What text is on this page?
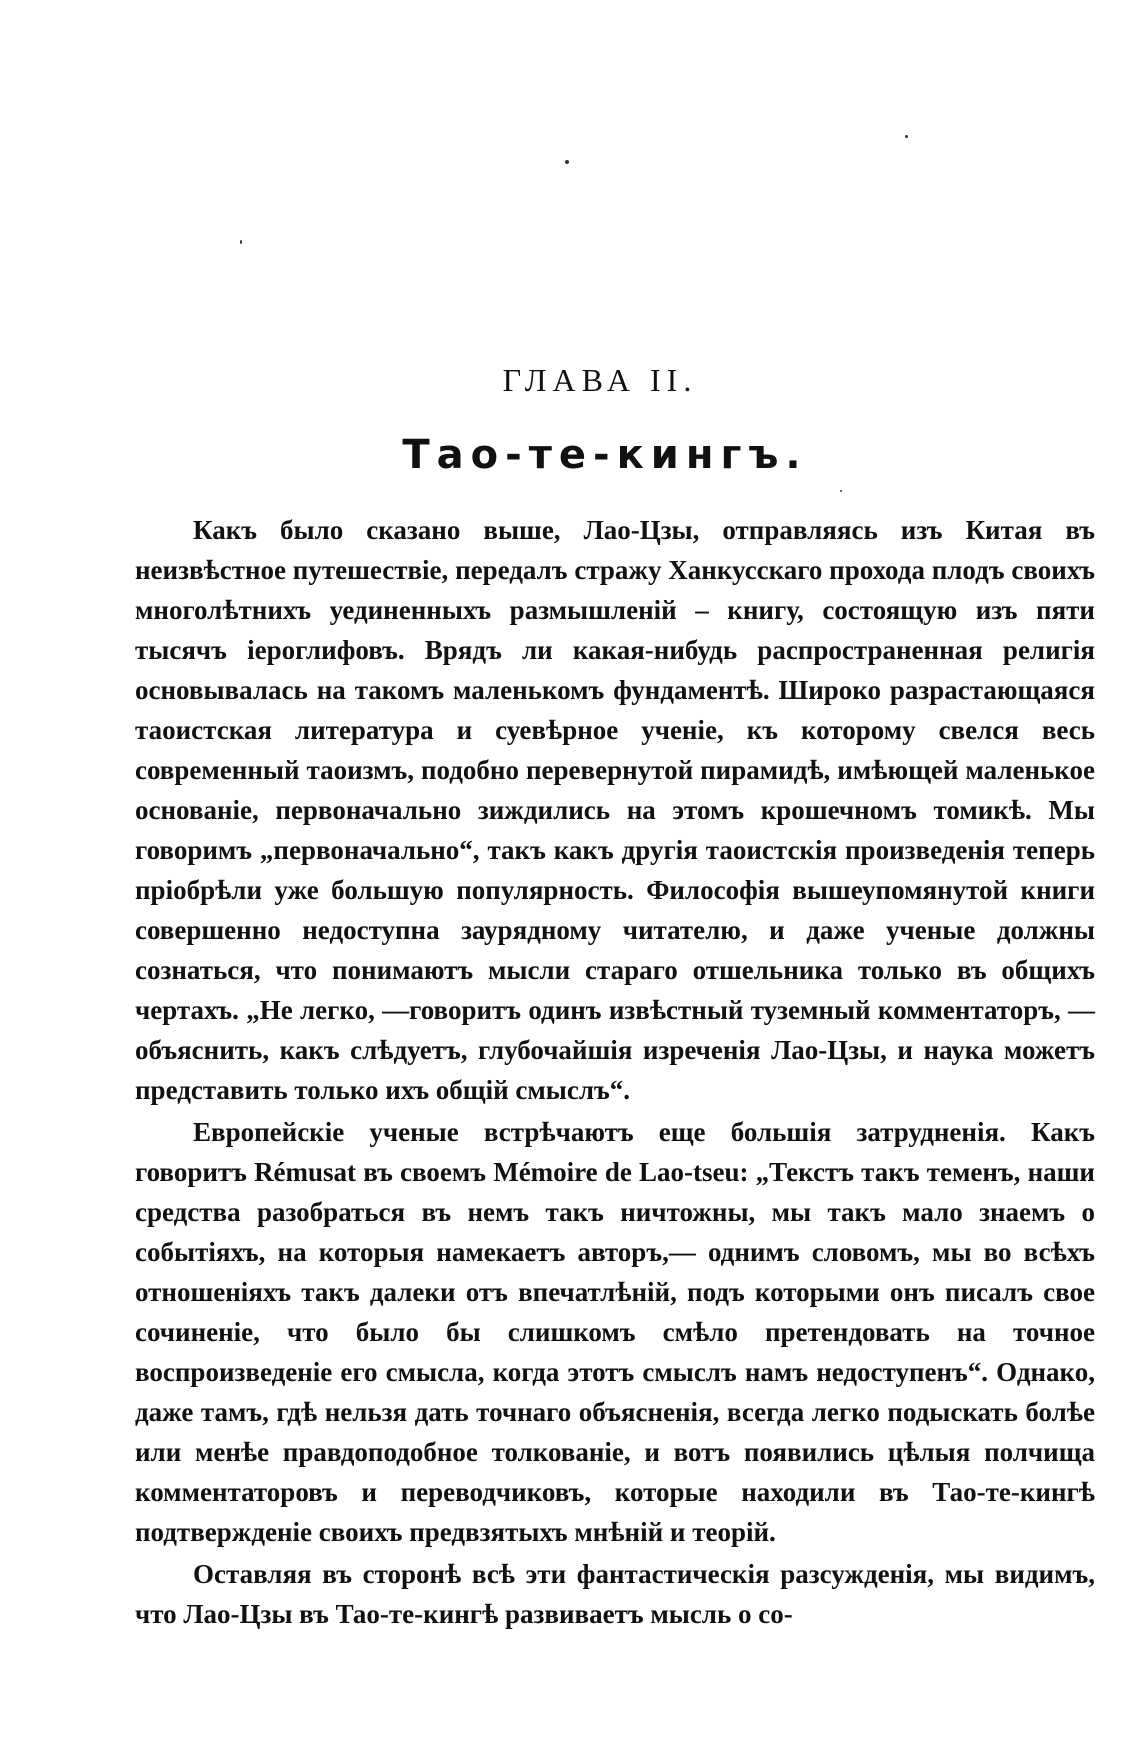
ГЛАВА II.
Тао-те-кингъ.

Какъ было сказано выше, Лао-Цзы, отправляясь изъ Китая въ неизвѣстное путешествіе, передалъ стражу Ханкусскаго прохода плодъ своихъ многолѣтнихъ уединенныхъ размышленій – книгу, состоящую изъ пяти тысячъ іероглифовъ. Врядъ ли какая-нибудь распространенная религія основывалась на такомъ маленькомъ фундаментѣ. Широко разрастающаяся таоистская литература и суевѣрное ученіе, къ которому свелся весь современный таоизмъ, подобно перевернутой пирамидѣ, имѣющей маленькое основаніе, первоначально зиждились на этомъ крошечномъ томикѣ. Мы говоримъ „первоначально“, такъ какъ другія таоистскія произведенія теперь пріобрѣли уже большую популярность. Философія вышеупомянутой книги совершенно недоступна заурядному читателю, и даже ученые должны сознаться, что понимаютъ мысли стараго отшельника только въ общихъ чертахъ. „Не легко, —говоритъ одинъ извѣстный туземный комментаторъ, —объяснить, какъ слѣдуетъ, глубочайшія изреченія Лао-Цзы, и наука можетъ представить только ихъ общій смыслъ“.

Европейскіе ученые встрѣчаютъ еще большія затрудненія. Какъ говоритъ Rémusat въ своемъ Mémoire de Lao-tseu: „Текстъ такъ теменъ, наши средства разобраться въ немъ такъ ничтожны, мы такъ мало знаемъ о событіяхъ, на которыя намекаетъ авторъ,— однимъ словомъ, мы во всѣхъ отношеніяхъ такъ далеки отъ впечатлѣній, подъ которыми онъ писалъ свое сочиненіе, что было бы слишкомъ смѣло претендовать на точное воспроизведеніе его смысла, когда этотъ смыслъ намъ недоступенъ“. Однако, даже тамъ, гдѣ нельзя дать точнаго объясненія, всегда легко подыскать болѣе или менѣе правдоподобное толкованіе, и вотъ появились цѣлыя полчища комментаторовъ и переводчиковъ, которые находили въ Тао-те-кингѣ подтвержденіе своихъ предвзятыхъ мнѣній и теорій.

Оставляя въ сторонѣ всѣ эти фантастическія разсужденія, мы видимъ, что Лао-Цзы въ Тао-те-кингѣ развиваетъ мысль о со-
